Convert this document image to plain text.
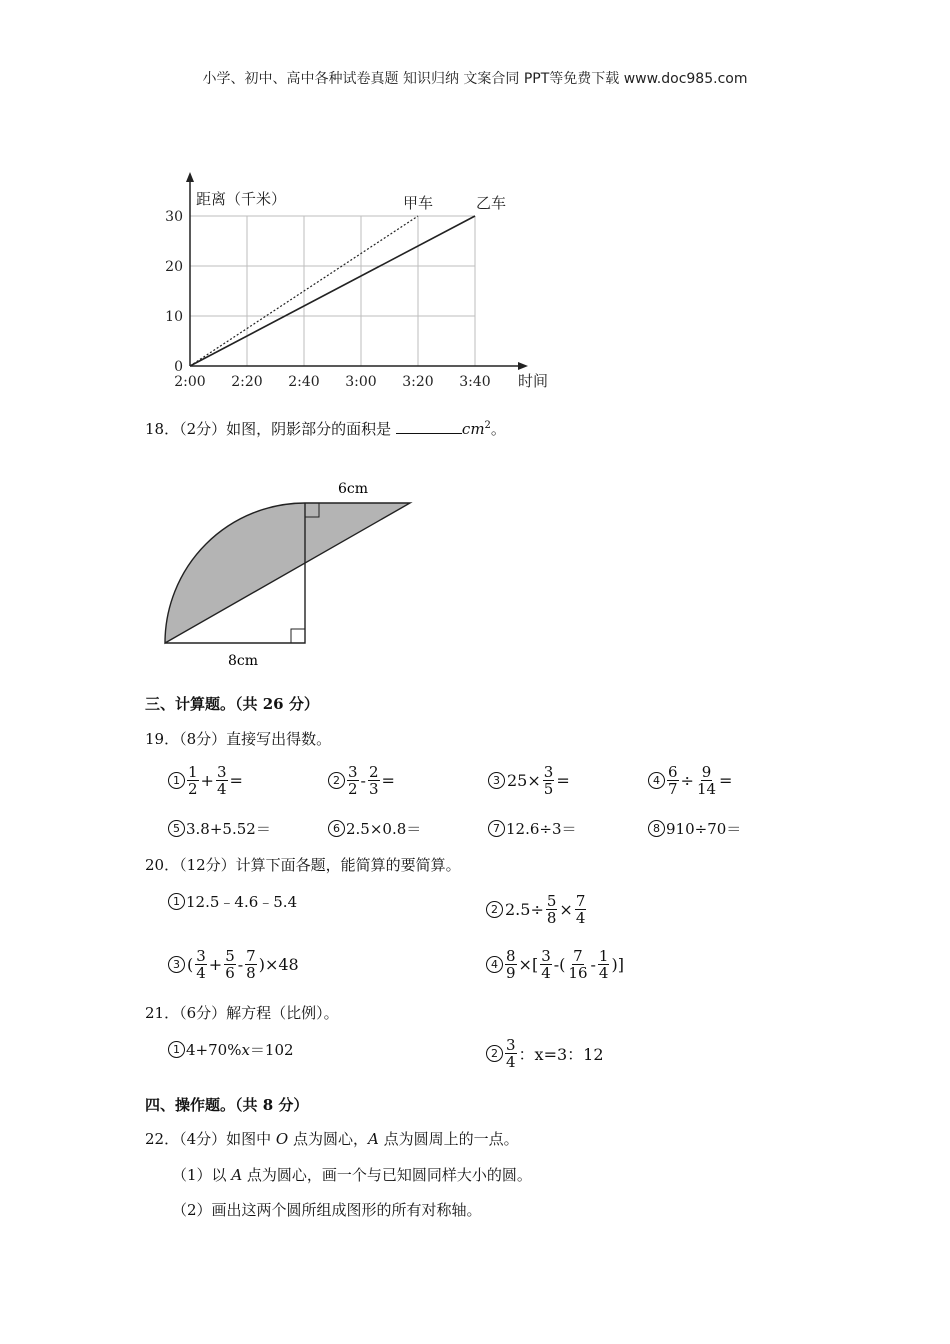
小学、初中、高中各种试卷真题 知识归纳 文案合同 PPT等免费下载 www.doc985.com
甲车	乙车
2:00 2:20 2:40 3:00 3:20 3:40
0
10
20
30
距离（千米）
时间
18．（2分）如图，阴影部分的面积是	$cm^2$。
6cm
8cm
三、计算题。（共 26 分）
19．（8分）直接写出得数。
$1 \frac{1}{2} + \frac{3}{4}$ =	$2 \frac{3}{2} - \frac{2}{3}$ =	3 $25\times \frac{3}{5}$ =	$4 \frac{6}{7} \div \frac{9}{14}$ =
5 3.8+5.52＝	6 2.5×0.8＝	7 12.6÷3＝	8 910÷70＝
20．（12分）计算下面各题，能简算的要简算。
1 12.5﹣4.6﹣5.4	2 $2.5\div \frac{5}{8} \times \frac{7}{4}$
3 ( $\frac{3}{4} + \frac{5}{6} - \frac{7}{8} )\times 48$	$4 \frac{8}{9}$ ×[ $\frac{3}{4}$ -( $\frac{7}{16} - \frac{1}{4}$ )]
21．（6分）解方程（比例）。
1 4+70% x ＝102	$2 \frac{3}{4}$ ：x=3：12
四、操作题。（共 8 分）
22．（4分）如图中 O 点为圆心，A 点为圆周上的一点。
（1）以 A 点为圆心，画一个与已知圆同样大小的圆。
（2）画出这两个圆所组成图形的所有对称轴。
